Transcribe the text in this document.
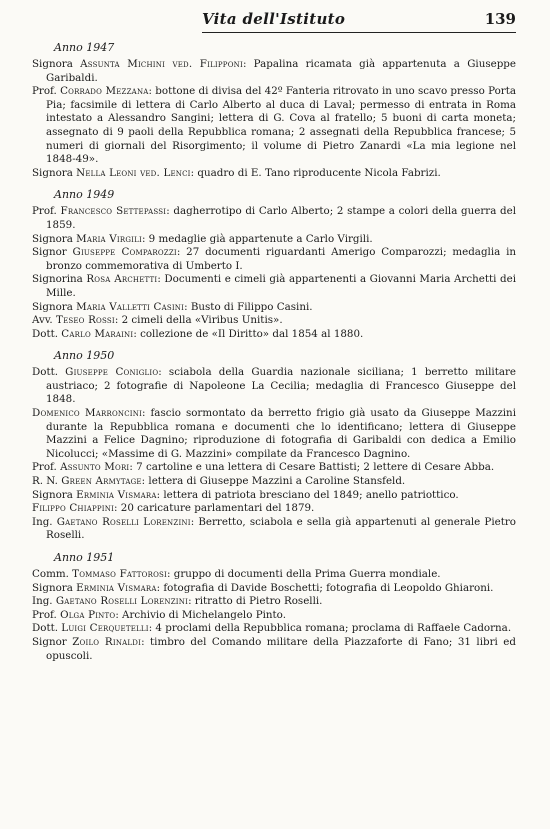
Vita dell'Istituto	139
Anno 1947

Signora Assunta Michini ved. Filipponi: Papalina ricamata già appartenuta a Giuseppe Garibaldi.

Prof. Corrado Mezzana: bottone di divisa del 42º Fanteria ritrovato in uno scavo presso Porta Pia; facsimile di lettera di Carlo Alberto al duca di Laval; permesso di entrata in Roma intestato a Alessandro Sangini; lettera di G. Cova al fratello; 5 buoni di carta moneta; assegnato di 9 paoli della Repubblica romana; 2 assegnati della Repubblica francese; 5 numeri di giornali del Risorgimento; il volume di Pietro Zanardi «La mia legione nel 1848-49».

Signora Nella Leoni ved. Lenci: quadro di E. Tano riproducente Nicola Fabrizi.

Anno 1949

Prof. Francesco Settepassi: dagherrotipo di Carlo Alberto; 2 stampe a colori della guerra del 1859.

Signora Maria Virgili: 9 medaglie già appartenute a Carlo Virgili.

Signor Giuseppe Comparozzi: 27 documenti riguardanti Amerigo Comparozzi; medaglia in bronzo commemorativa di Umberto I.

Signorina Rosa Archetti: Documenti e cimeli già appartenenti a Giovanni Maria Archetti dei Mille.

Signora Maria Valletti Casini: Busto di Filippo Casini.

Avv. Teseo Rossi: 2 cimeli della «Viribus Unitis».

Dott. Carlo Maraini: collezione de «Il Diritto» dal 1854 al 1880.

Anno 1950

Dott. Giuseppe Coniglio: sciabola della Guardia nazionale siciliana; 1 berretto militare austriaco; 2 fotografie di Napoleone La Cecilia; medaglia di Francesco Giuseppe del 1848.

Domenico Marroncini: fascio sormontato da berretto frigio già usato da Giuseppe Mazzini durante la Repubblica romana e documenti che lo identificano; lettera di Giuseppe Mazzini a Felice Dagnino; riproduzione di fotografia di Garibaldi con dedica a Emilio Nicolucci; «Massime di G. Mazzini» compilate da Francesco Dagnino.

Prof. Assunto Mori: 7 cartoline e una lettera di Cesare Battisti; 2 lettere di Cesare Abba.

R. N. Green Armytage: lettera di Giuseppe Mazzini a Caroline Stansfeld.

Signora Erminia Vismara: lettera di patriota bresciano del 1849; anello patriottico.

Filippo Chiappini: 20 caricature parlamentari del 1879.

Ing. Gaetano Roselli Lorenzini: Berretto, sciabola e sella già appartenuti al generale Pietro Roselli.

Anno 1951

Comm. Tommaso Fattorosi: gruppo di documenti della Prima Guerra mondiale.

Signora Erminia Vismara: fotografia di Davide Boschetti; fotografia di Leopoldo Ghiaroni.

Ing. Gaetano Roselli Lorenzini: ritratto di Pietro Roselli.

Prof. Olga Pinto: Archivio di Michelangelo Pinto.

Dott. Luigi Cerquetelli: 4 proclami della Repubblica romana; proclama di Raffaele Cadorna.

Signor Zoilo Rinaldi: timbro del Comando militare della Piazzaforte di Fano; 31 libri ed opuscoli.
